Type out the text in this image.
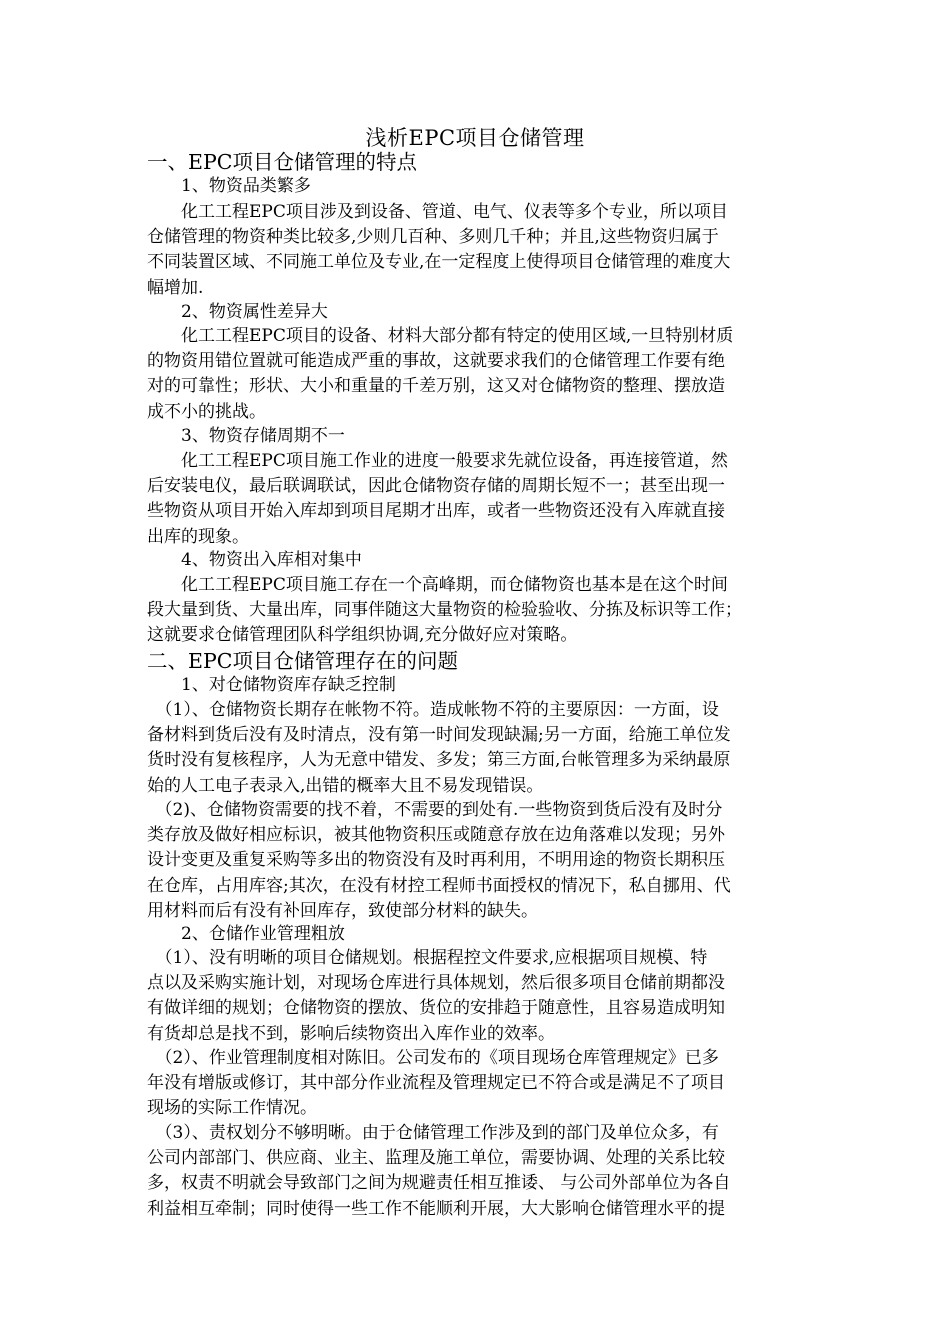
浅析EPC项目仓储管理
一、EPC项目仓储管理的特点
1、物资品类繁多
　　化工工程EPC项目涉及到设备、管道、电气、仪表等多个专业，所以项目
仓储管理的物资种类比较多,少则几百种、多则几千种；并且,这些物资归属于
不同装置区域、不同施工单位及专业,在一定程度上使得项目仓储管理的难度大
幅增加.
2、物资属性差异大
　　化工工程EPC项目的设备、材料大部分都有特定的使用区域,一旦特别材质
的物资用错位置就可能造成严重的事故，这就要求我们的仓储管理工作要有绝
对的可靠性；形状、大小和重量的千差万别，这又对仓储物资的整理、摆放造
成不小的挑战。
3、物资存储周期不一
　　化工工程EPC项目施工作业的进度一般要求先就位设备，再连接管道，然
后安装电仪，最后联调联试，因此仓储物资存储的周期长短不一；甚至出现一
些物资从项目开始入库却到项目尾期才出库，或者一些物资还没有入库就直接
出库的现象。
4、物资出入库相对集中
　　化工工程EPC项目施工存在一个高峰期，而仓储物资也基本是在这个时间
段大量到货、大量出库，同事伴随这大量物资的检验验收、分拣及标识等工作；
这就要求仓储管理团队科学组织协调,充分做好应对策略。
二、EPC项目仓储管理存在的问题
1、对仓储物资库存缺乏控制
　（1）、仓储物资长期存在帐物不符。造成帐物不符的主要原因：一方面，设
备材料到货后没有及时清点，没有第一时间发现缺漏;另一方面，给施工单位发
货时没有复核程序，人为无意中错发、多发；第三方面,台帐管理多为采纳最原
始的人工电子表录入,出错的概率大且不易发现错误。
　（2)、仓储物资需要的找不着，不需要的到处有.一些物资到货后没有及时分
类存放及做好相应标识，被其他物资积压或随意存放在边角落难以发现；另外
设计变更及重复采购等多出的物资没有及时再利用，不明用途的物资长期积压
在仓库，占用库容;其次，在没有材控工程师书面授权的情况下，私自挪用、代
用材料而后有没有补回库存，致使部分材料的缺失。
2、仓储作业管理粗放
　（1）、没有明晰的项目仓储规划。根据程控文件要求,应根据项目规模、特
点以及采购实施计划，对现场仓库进行具体规划，然后很多项目仓储前期都没
有做详细的规划；仓储物资的摆放、货位的安排趋于随意性，且容易造成明知
有货却总是找不到，影响后续物资出入库作业的效率。
　（2）、作业管理制度相对陈旧。公司发布的《项目现场仓库管理规定》已多
年没有增版或修订，其中部分作业流程及管理规定已不符合或是满足不了项目
现场的实际工作情况。
　（3）、责权划分不够明晰。由于仓储管理工作涉及到的部门及单位众多，有
公司内部部门、供应商、业主、监理及施工单位，需要协调、处理的关系比较
多，权责不明就会导致部门之间为规避责任相互推诿、 与公司外部单位为各自
利益相互牵制；同时使得一些工作不能顺利开展，大大影响仓储管理水平的提
